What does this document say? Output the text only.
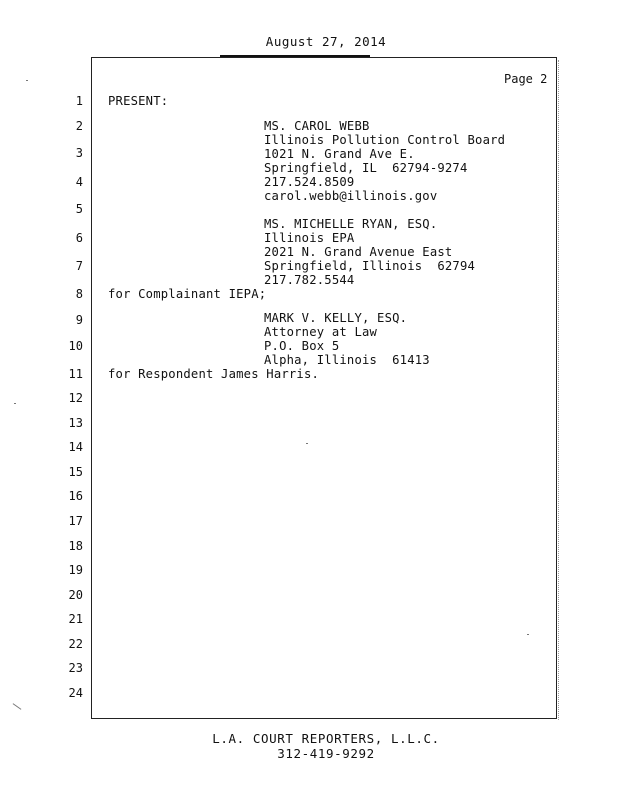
August 27, 2014
Page 2
1
2
3
4
5
6
7
8
9
10
11
12
13
14
15
16
17
18
19
20
21
22
23
24
PRESENT:
MS. CAROL WEBB
Illinois Pollution Control Board
1021 N. Grand Ave E.
Springfield, IL  62794-9274
217.524.8509
carol.webb@illinois.gov
MS. MICHELLE RYAN, ESQ.
Illinois EPA
2021 N. Grand Avenue East
Springfield, Illinois  62794
217.782.5544
for Complainant IEPA;
MARK V. KELLY, ESQ.
Attorney at Law
P.O. Box 5
Alpha, Illinois  61413
for Respondent James Harris.
L.A. COURT REPORTERS, L.L.C.
312-419-9292
